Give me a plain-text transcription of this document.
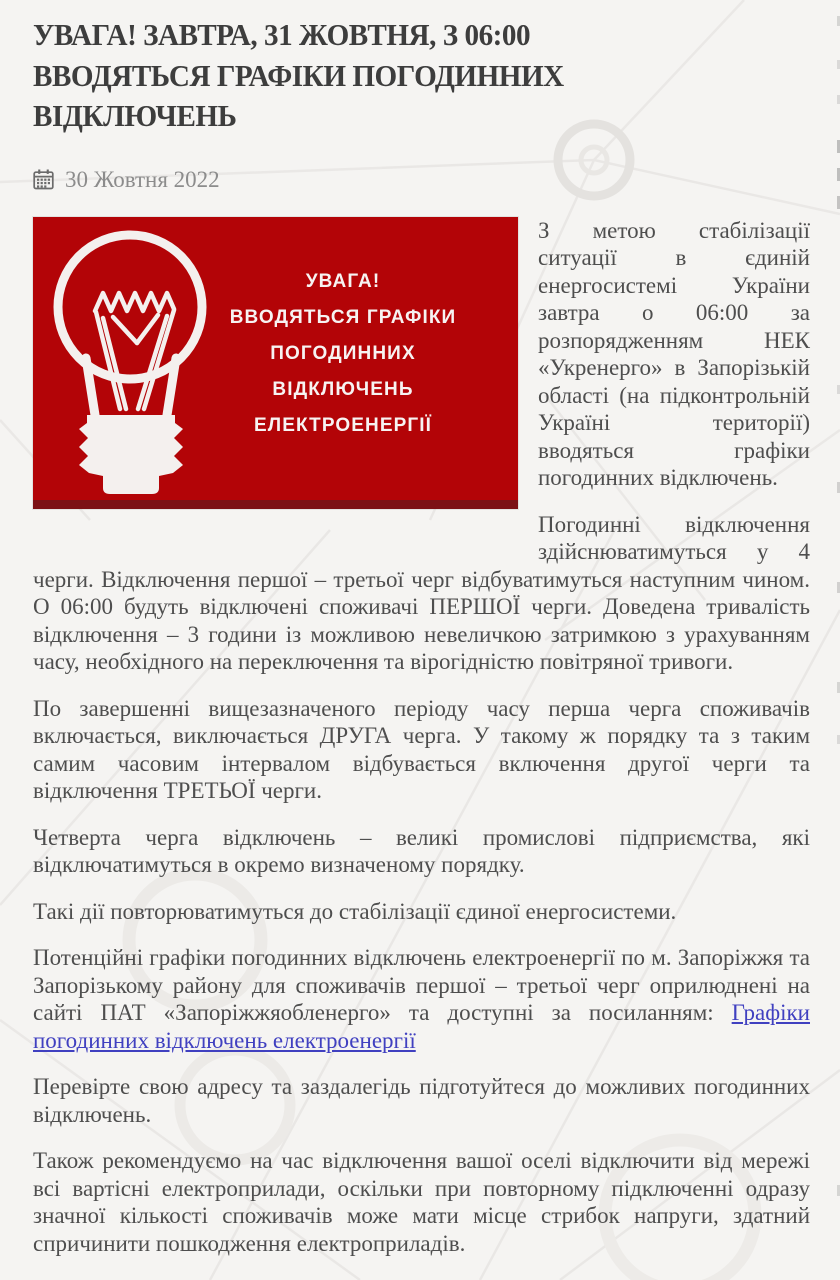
УВАГА! ЗАВТРА, 31 ЖОВТНЯ, З 06:00
ВВОДЯТЬСЯ ГРАФІКИ ПОГОДИННИХ
ВІДКЛЮЧЕНЬ
30 Жовтня 2022
УВАГА!
ВВОДЯТЬСЯ ГРАФІКИ
ПОГОДИННИХ
ВІДКЛЮЧЕНЬ
ЕЛЕКТРОЕНЕРГІЇ

З метою стабілізації ситуації в єдиній енергосистемі України завтра о 06:00 за розпорядженням НЕК «Укренерго» в Запорізькій області (на підконтрольній Україні території) вводяться графіки погодинних відключень.

Погодинні відключення здійснюватимуться у 4 черги. Відключення першої – третьої черг відбуватимуться наступним чином. О 06:00 будуть відключені споживачі ПЕРШОЇ черги. Доведена тривалість відключення – 3 години із можливою невеличкою затримкою з урахуванням часу, необхідного на переключення та вірогідністю повітряної тривоги.

По завершенні вищезазначеного періоду часу перша черга споживачів включається, виключається ДРУГА черга. У такому ж порядку та з таким самим часовим інтервалом відбувається включення другої черги та відключення ТРЕТЬОЇ черги.

Четверта черга відключень – великі промислові підприємства, які відключатимуться в окремо визначеному порядку.

Такі дії повторюватимуться до стабілізації єдиної енергосистеми.

Потенційні графіки погодинних відключень електроенергії по м. Запоріжжя та Запорізькому району для споживачів першої – третьої черг оприлюднені на сайті ПАТ «Запоріжжяобленерго» та доступні за посиланням: Графіки погодинних відключень електроенергії

Перевірте свою адресу та заздалегідь підготуйтеся до можливих погодинних відключень.

Також рекомендуємо на час відключення вашої оселі відключити від мережі всі вартісні електроприлади, оскільки при повторному підключенні одразу значної кількості споживачів може мати місце стрибок напруги, здатний спричинити пошкодження електроприладів.
